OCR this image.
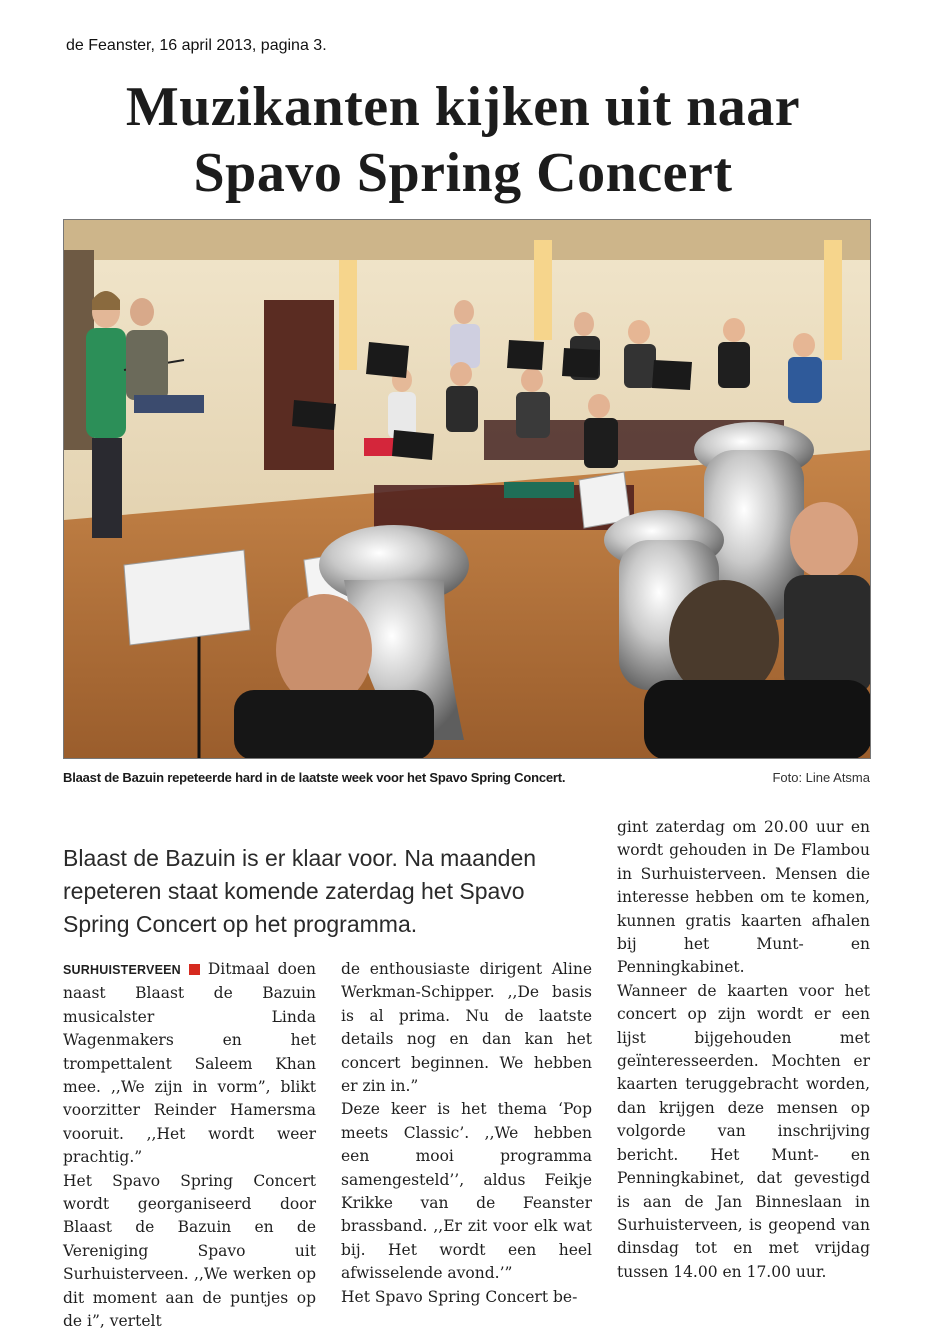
de Feanster, 16 april 2013, pagina 3.
Muzikanten kijken uit naar
Spavo Spring Concert
Blaast de Bazuin repeteerde hard in de laatste week voor het Spavo Spring Concert.	Foto: Line Atsma

Blaast de Bazuin is er klaar voor. Na maanden repeteren staat komende zaterdag het Spavo Spring Concert op het programma.

SURHUISTERVEEN Ditmaal doen naast Blaast de Bazuin musicalster Linda Wagenmakers en het trompettalent Saleem Khan mee. ,,We zijn in vorm”, blikt voorzitter Reinder Hamersma vooruit. ,,Het wordt weer prachtig.”

Het Spavo Spring Concert wordt georganiseerd door Blaast de Bazuin en de Vereniging Spavo uit Surhuisterveen. ,,We werken op dit moment aan de puntjes op de i”, vertelt

de enthousiaste dirigent Aline Werkman-Schipper. ,,De basis is al prima. Nu de laatste details nog en dan kan het concert beginnen. We hebben er zin in.”

Deze keer is het thema ‘Pop meets Classic’. ,,We hebben een mooi programma samengesteld’’, aldus Feikje Krikke van de Feanster brassband. ,,Er zit voor elk wat bij. Het wordt een heel afwisselende avond.’”

Het Spavo Spring Concert be-

gint zaterdag om 20.00 uur en wordt gehouden in De Flambou in Surhuisterveen. Mensen die interesse hebben om te komen, kunnen gratis kaarten afhalen bij het Munt- en Penningkabinet.

Wanneer de kaarten voor het concert op zijn wordt er een lijst bijgehouden met geïnteresseerden. Mochten er kaarten teruggebracht worden, dan krijgen deze mensen op volgorde van inschrijving bericht. Het Munt- en Penningkabinet, dat gevestigd is aan de Jan Binneslaan in Surhuisterveen, is geopend van dinsdag tot en met vrijdag tussen 14.00 en 17.00 uur.
